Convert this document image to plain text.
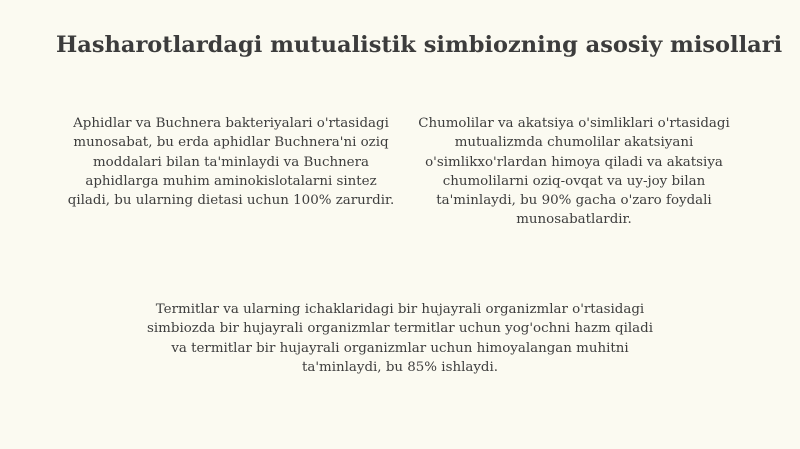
Hasharotlardagi mutualistik simbiozning asosiy misollari

Aphidlar va Buchnera bakteriyalari o'rtasidagi munosabat, bu erda aphidlar Buchnera'ni oziq moddalari bilan ta'minlaydi va Buchnera aphidlarga muhim aminokislotalarni sintez qiladi, bu ularning dietasi uchun 100% zarurdir.

Chumolilar va akatsiya o'simliklari o'rtasidagi mutualizmda chumolilar akatsiyani o'simlikxo'rlardan himoya qiladi va akatsiya chumolilarni oziq-ovqat va uy-joy bilan ta'minlaydi, bu 90% gacha o'zaro foydali munosabatlardir.

Termitlar va ularning ichaklaridagi bir hujayrali organizmlar o'rtasidagi simbiozda bir hujayrali organizmlar termitlar uchun yog'ochni hazm qiladi va termitlar bir hujayrali organizmlar uchun himoyalangan muhitni ta'minlaydi, bu 85% ishlaydi.
